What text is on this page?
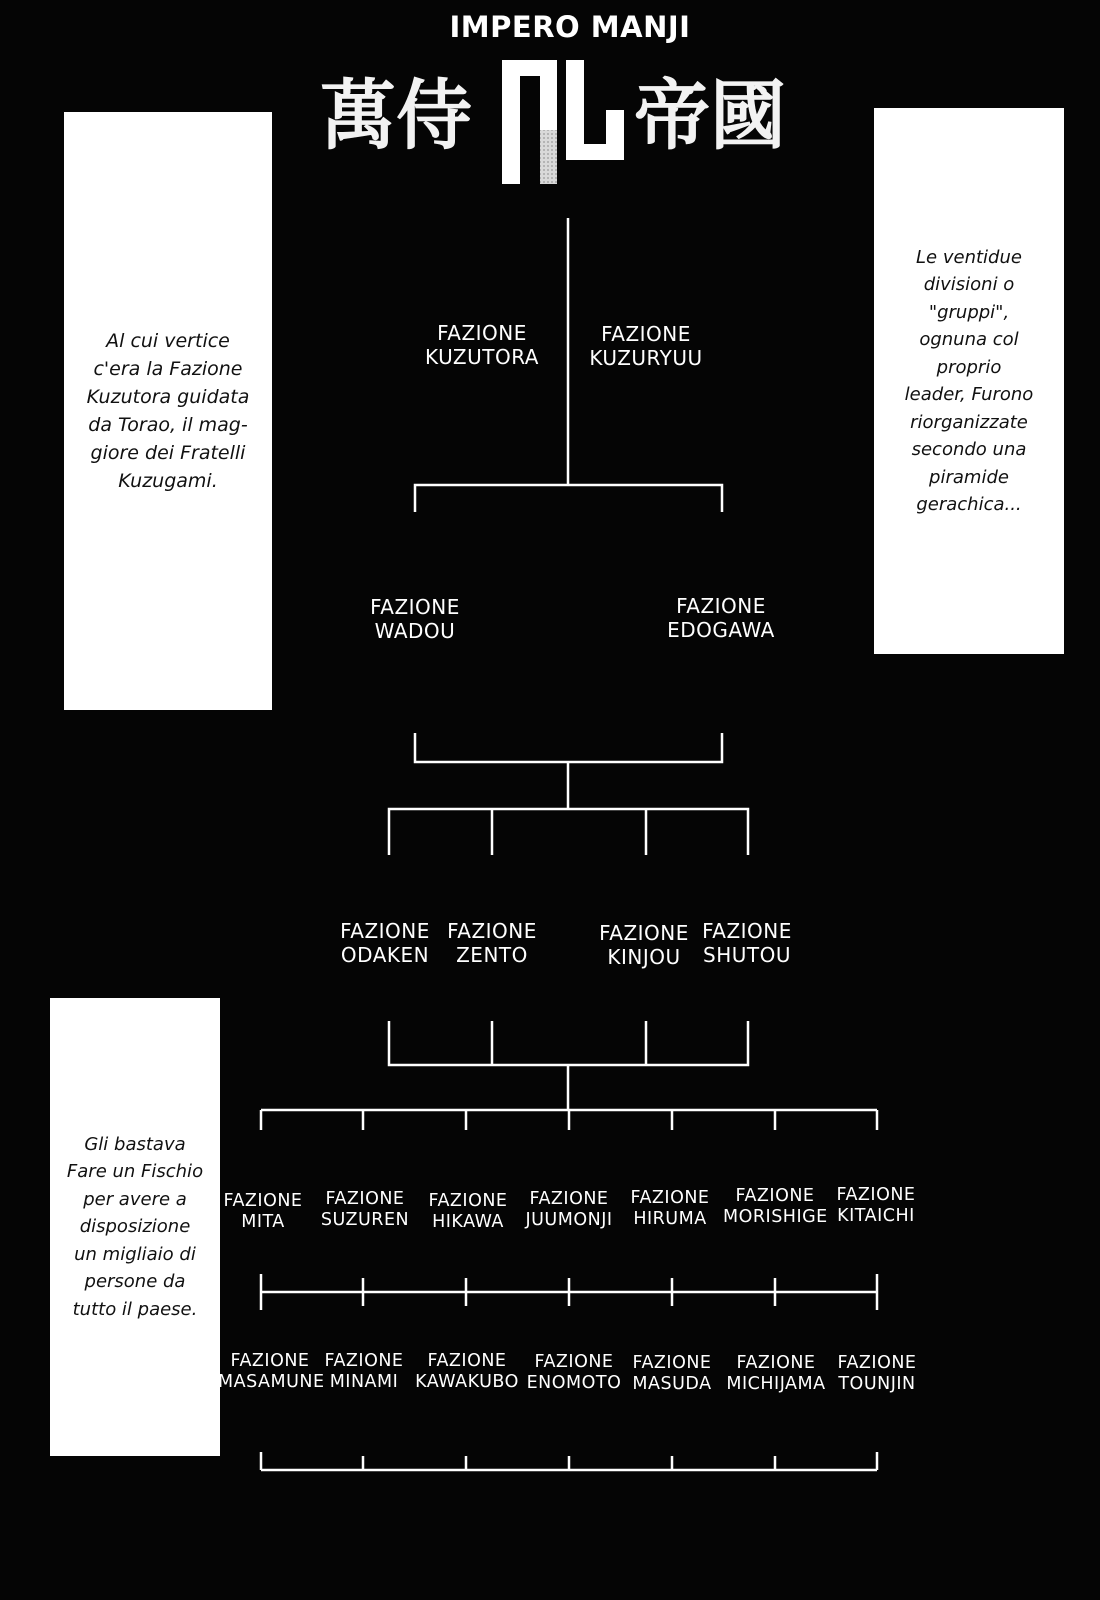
IMPERO MANJI
萬侍 帝國

Al cui vertice
c'era la Fazione
Kuzutora guidata
da Torao, il mag-
giore dei Fratelli
Kuzugami.

Le ventidue
divisioni o "gruppi",
ognuna col proprio
leader, Furono
riorganizzate
secondo una
piramide
gerachica...

Gli bastava
Fare un Fischio
per avere a
disposizione
un migliaio di
persone da
tutto il paese.

FAZIONE
KUZUTORA
FAZIONE
KUZURYUU
FAZIONE
WADOU
FAZIONE
EDOGAWA
FAZIONE
ODAKEN
FAZIONE
ZENTO
FAZIONE
KINJOU
FAZIONE
SHUTOU
FAZIONE
MITA
FAZIONE
SUZUREN
FAZIONE
HIKAWA
FAZIONE
JUUMONJI
FAZIONE
HIRUMA
FAZIONE
MORISHIGE
FAZIONE
KITAICHI
FAZIONE
MASAMUNE
FAZIONE
MINAMI
FAZIONE
KAWAKUBO
FAZIONE
ENOMOTO
FAZIONE
MASUDA
FAZIONE
MICHIJAMA
FAZIONE
TOUNJIN
